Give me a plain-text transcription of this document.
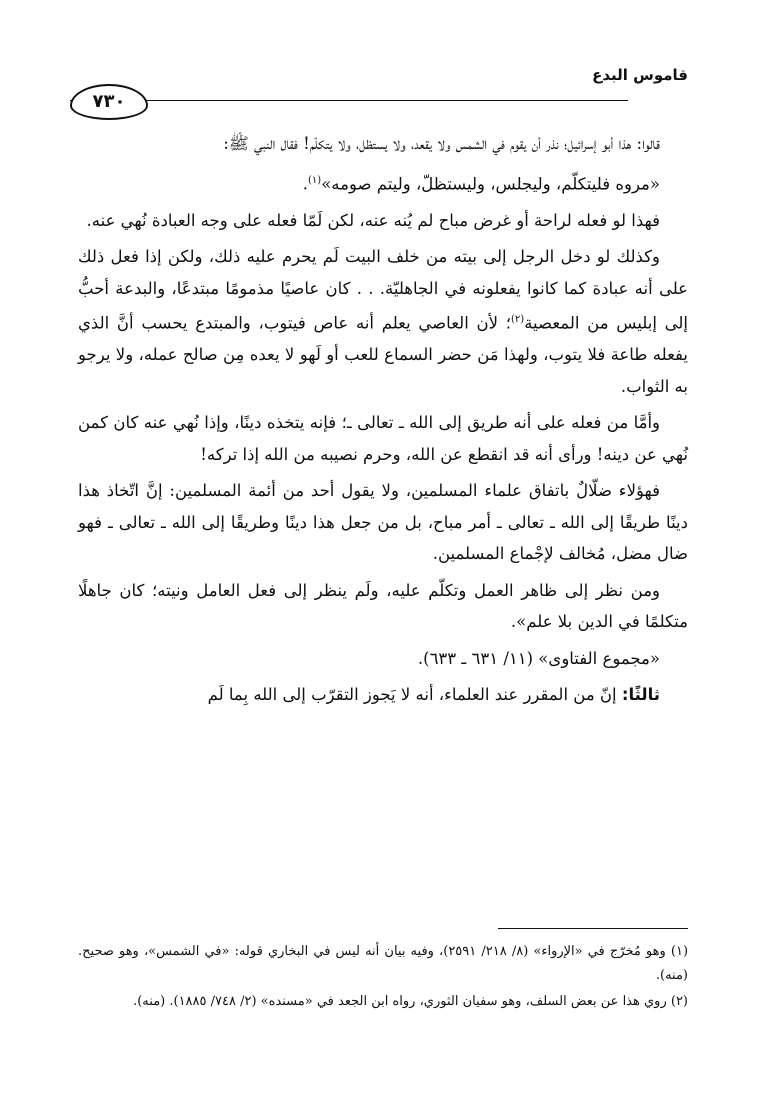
قاموس البدع
٧٣٠

قالوا: هذا أبو إسرائيل؛ نذر أن يقوم في الشمس ولا يقعد، ولا يستظل، ولا يتكلّم! فقال النبي ﷺ:

«مروه فليتكلّم، وليجلس، وليستظلّ، وليتم صومه»$^{(١)}$.

فهذا لو فعله لراحة أو غرض مباح لم يُنه عنه، لكن لَمّا فعله على وجه العبادة نُهي عنه.

وكذلك لو دخل الرجل إلى بيته من خلف البيت لَم يحرم عليه ذلك، ولكن إذا فعل ذلك على أنه عبادة كما كانوا يفعلونه في الجاهليّة. . . كان عاصيًا مذمومًا مبتدعًا، والبدعة أحبُّ إلى إبليس من المعصية$^{(٢)}$؛ لأن العاصي يعلم أنه عاص فيتوب، والمبتدع يحسب أنَّ الذي يفعله طاعة فلا يتوب، ولهذا مَن حضر السماع للعب أو لَهو لا يعده مِن صالح عمله، ولا يرجو به الثواب.

وأمَّا من فعله على أنه طريق إلى الله ـ تعالى ـ؛ فإنه يتخذه دينًا، وإذا نُهي عنه كان كمن نُهي عن دينه! ورأى أنه قد انقطع عن الله، وحرم نصيبه من الله إذا تركه!

فهؤلاء ضلّالٌ باتفاق علماء المسلمين، ولا يقول أحد من أئمة المسلمين: إنَّ اتّخاذ هذا دينًا طريقًا إلى الله ـ تعالى ـ أمر مباح، بل من جعل هذا دينًا وطريقًا إلى الله ـ تعالى ـ فهو ضال مضل، مُخالف لإجْماع المسلمين.

ومن نظر إلى ظاهر العمل وتكلّم عليه، ولَم ينظر إلى فعل العامل ونيته؛ كان جاهلًا متكلمًا في الدين بلا علم».

«مجموع الفتاوى» (١١/ ٦٣١ ـ ٦٣٣).

ثالثًا: إنّ من المقرر عند العلماء، أنه لا يَجوز التقرّب إلى الله بِما لَم

(١) وهو مُخرّج في «الإرواء» (٨/ ٢١٨/ ٢٥٩١)، وفيه بيان أنه ليس في البخاري قوله: «في الشمس»، وهو صحيح. (منه).

(٢) روي هذا عن بعض السلف، وهو سفيان الثوري، رواه ابن الجعد في «مسنده» (٢/ ٧٤٨/ ١٨٨٥). (منه).
